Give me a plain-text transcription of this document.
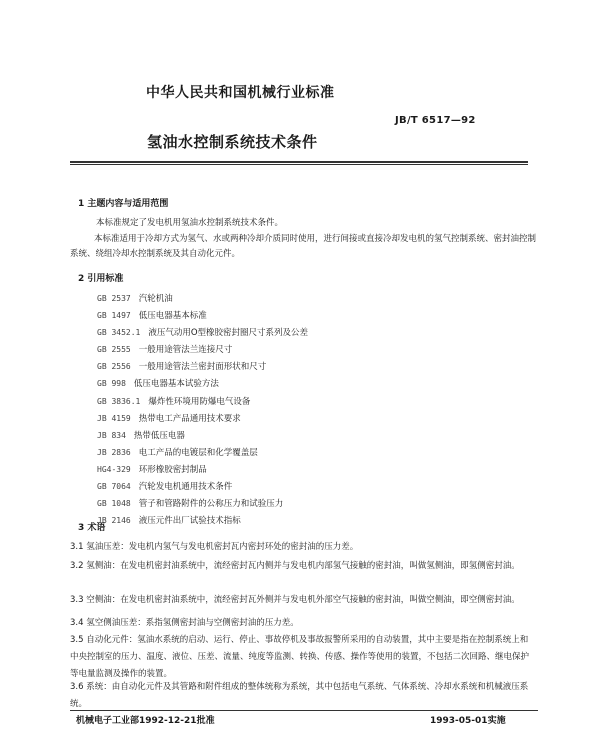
中华人民共和国机械行业标准
JB/T 6517—92
氢油水控制系统技术条件
1 主题内容与适用范围
本标准规定了发电机用氢油水控制系统技术条件。
本标准适用于冷却方式为氢气、水或两种冷却介质同时使用，进行间接或直接冷却发电机的氢气控制系统、密封油控制系统、绕组冷却水控制系统及其自动化元件。
2 引用标准
GB 2537 汽轮机油
GB 1497 低压电器基本标准
GB 3452.1 液压气动用O型橡胶密封圈尺寸系列及公差
GB 2555 一般用途管法兰连接尺寸
GB 2556 一般用途管法兰密封面形状和尺寸
GB 998 低压电器基本试验方法
GB 3836.1 爆炸性环境用防爆电气设备
JB 4159 热带电工产品通用技术要求
JB 834 热带低压电器
JB 2836 电工产品的电镀层和化学覆盖层
HG4-329 环形橡胶密封制品
GB 7064 汽轮发电机通用技术条件
GB 1048 管子和管路附件的公称压力和试验压力
JB 2146 液压元件出厂试验技术指标
3 术语
3.1 氢油压差：发电机内氢气与发电机密封瓦内密封环处的密封油的压力差。
3.2 氢侧油：在发电机密封油系统中，流经密封瓦内侧并与发电机内部氢气接触的密封油，叫做氢侧油，即氢侧密封油。
3.3 空侧油：在发电机密封油系统中，流经密封瓦外侧并与发电机外部空气接触的密封油，叫做空侧油，即空侧密封油。
3.4 氢空侧油压差：系指氢侧密封油与空侧密封油的压力差。
3.5 自动化元件：氢油水系统的启动、运行、停止、事故停机及事故报警所采用的自动装置，其中主要是指在控制系统上和中央控制室的压力、温度、液位、压差、流量、纯度等监测、转换、传感、操作等使用的装置，不包括二次回路、继电保护等电量监测及操作的装置。
3.6 系统：由自动化元件及其管路和附件组成的整体统称为系统，其中包括电气系统、气体系统、冷却水系统和机械液压系统。
机械电子工业部1992-12-21批准	1993-05-01实施
